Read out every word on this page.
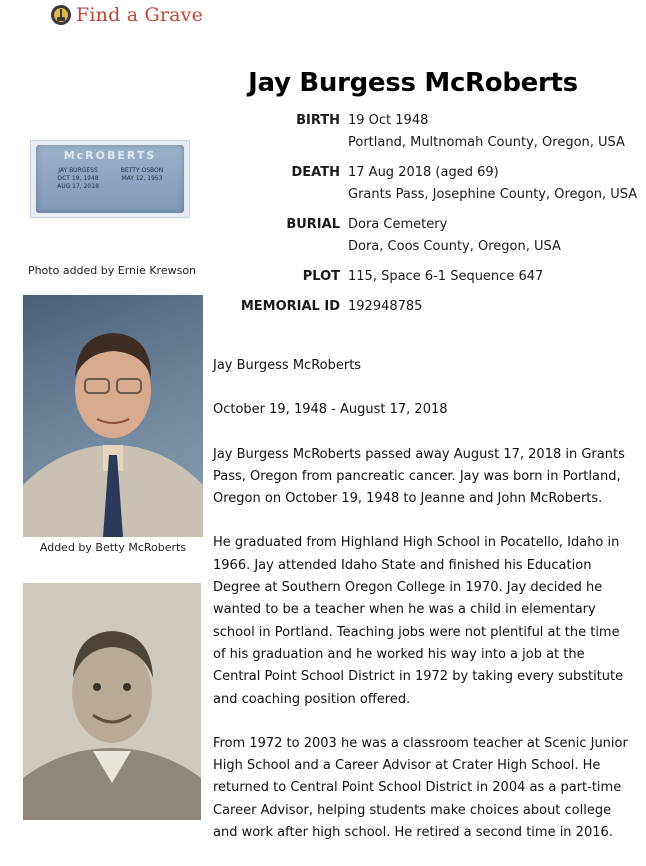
Find a Grave
Jay Burgess McRoberts
BIRTH 19 Oct 1948
Portland, Multnomah County, Oregon, USA
DEATH 17 Aug 2018 (aged 69)
Grants Pass, Josephine County, Oregon, USA
BURIAL Dora Cemetery
Dora, Coos County, Oregon, USA
PLOT 115, Space 6-1 Sequence 647
MEMORIAL ID 192948785
McROBERTS
JAY BURGESS
OCT 19, 1948
AUG 17, 2018
BETTY OSBON
MAY 12, 1953
Photo added by Ernie Krewson
Added by Betty McRoberts

Jay Burgess McRoberts

October 19, 1948 - August 17, 2018

Jay Burgess McRoberts passed away August 17, 2018 in Grants Pass, Oregon from pancreatic cancer. Jay was born in Portland, Oregon on October 19, 1948 to Jeanne and John McRoberts.

He graduated from Highland High School in Pocatello, Idaho in 1966. Jay attended Idaho State and finished his Education Degree at Southern Oregon College in 1970. Jay decided he wanted to be a teacher when he was a child in elementary school in Portland. Teaching jobs were not plentiful at the time of his graduation and he worked his way into a job at the Central Point School District in 1972 by taking every substitute and coaching position offered.

From 1972 to 2003 he was a classroom teacher at Scenic Junior High School and a Career Advisor at Crater High School. He returned to Central Point School District in 2004 as a part-time Career Advisor, helping students make choices about college and work after high school. He retired a second time in 2016.
